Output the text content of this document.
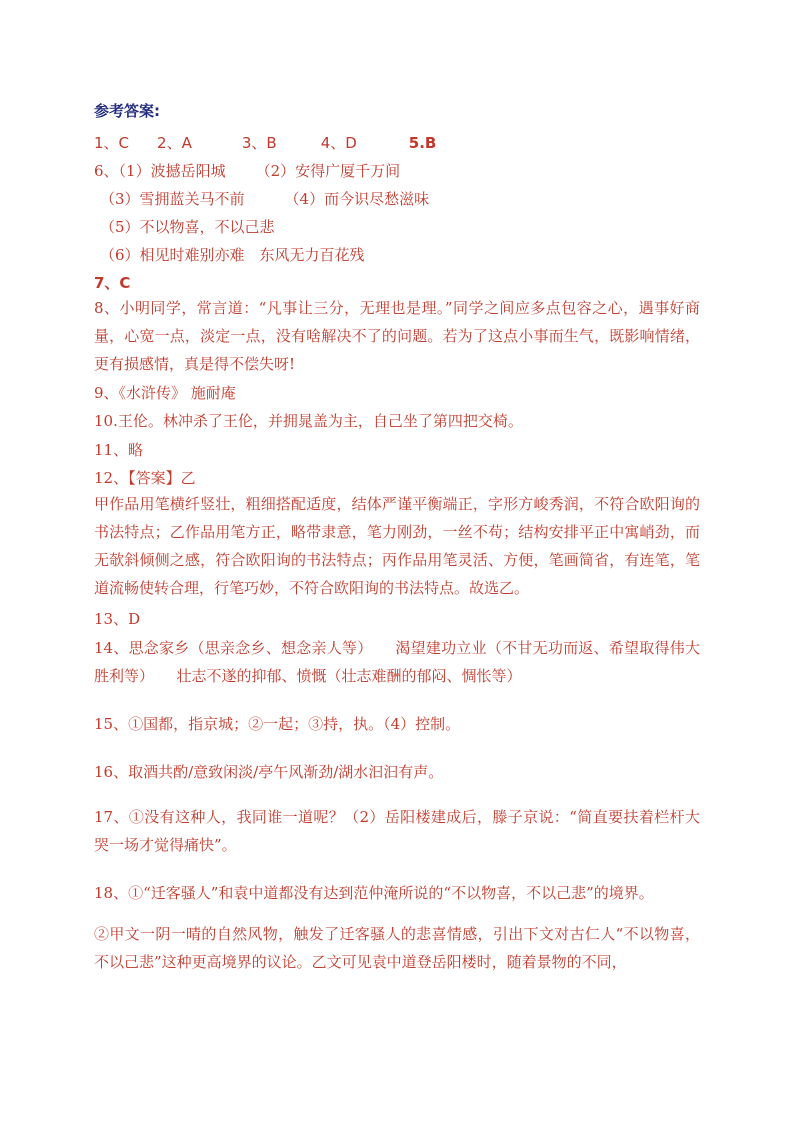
参考答案:
1、C 2、A	3、B	4、D	5.B
6、（1）波撼岳阳城 （2）安得广厦千万间
（3）雪拥蓝关马不前	（4）而今识尽愁滋味
（5）不以物喜，不以己悲
（6）相见时难别亦难　东风无力百花残
7、C
8、小明同学，常言道：“凡事让三分，无理也是理。”同学之间应多点包容之心，遇事好商量，心宽一点，淡定一点，没有啥解决不了的问题。若为了这点小事而生气，既影响情绪，更有损感情，真是得不偿失呀!
9、《水浒传》 施耐庵
10.王伦。林冲杀了王伦，并拥晁盖为主，自己坐了第四把交椅。
11、略
12、【答案】乙
甲作品用笔横纤竖壮，粗细搭配适度，结体严谨平衡端正，字形方峻秀润，不符合欧阳询的书法特点；乙作品用笔方正，略带隶意，笔力刚劲，一丝不苟；结构安排平正中寓峭劲，而无欹斜倾侧之感，符合欧阳询的书法特点；丙作品用笔灵活、方便，笔画简省，有连笔，笔道流畅使转合理，行笔巧妙，不符合欧阳询的书法特点。故选乙。
13、D
14、思念家乡（思亲念乡、想念亲人等）　　渴望建功立业（不甘无功而返、希望取得伟大胜利等）　　壮志不遂的抑郁、愤慨（壮志难酬的郁闷、惆怅等）
15、①国都，指京城；②一起；③持，执。（4）控制。
16、取酒共酌/意致闲淡/亭午风渐劲/湖水汩汩有声。
17、①没有这种人，我同谁一道呢？（2）岳阳楼建成后，滕子京说：“简直要扶着栏杆大哭一场才觉得痛快”。
18、①“迁客骚人”和袁中道都没有达到范仲淹所说的“不以物喜，不以己悲”的境界。
②甲文一阴一晴的自然风物，触发了迁客骚人的悲喜情感，引出下文对古仁人“不以物喜，不以己悲”这种更高境界的议论。乙文可见袁中道登岳阳楼时，随着景物的不同，
